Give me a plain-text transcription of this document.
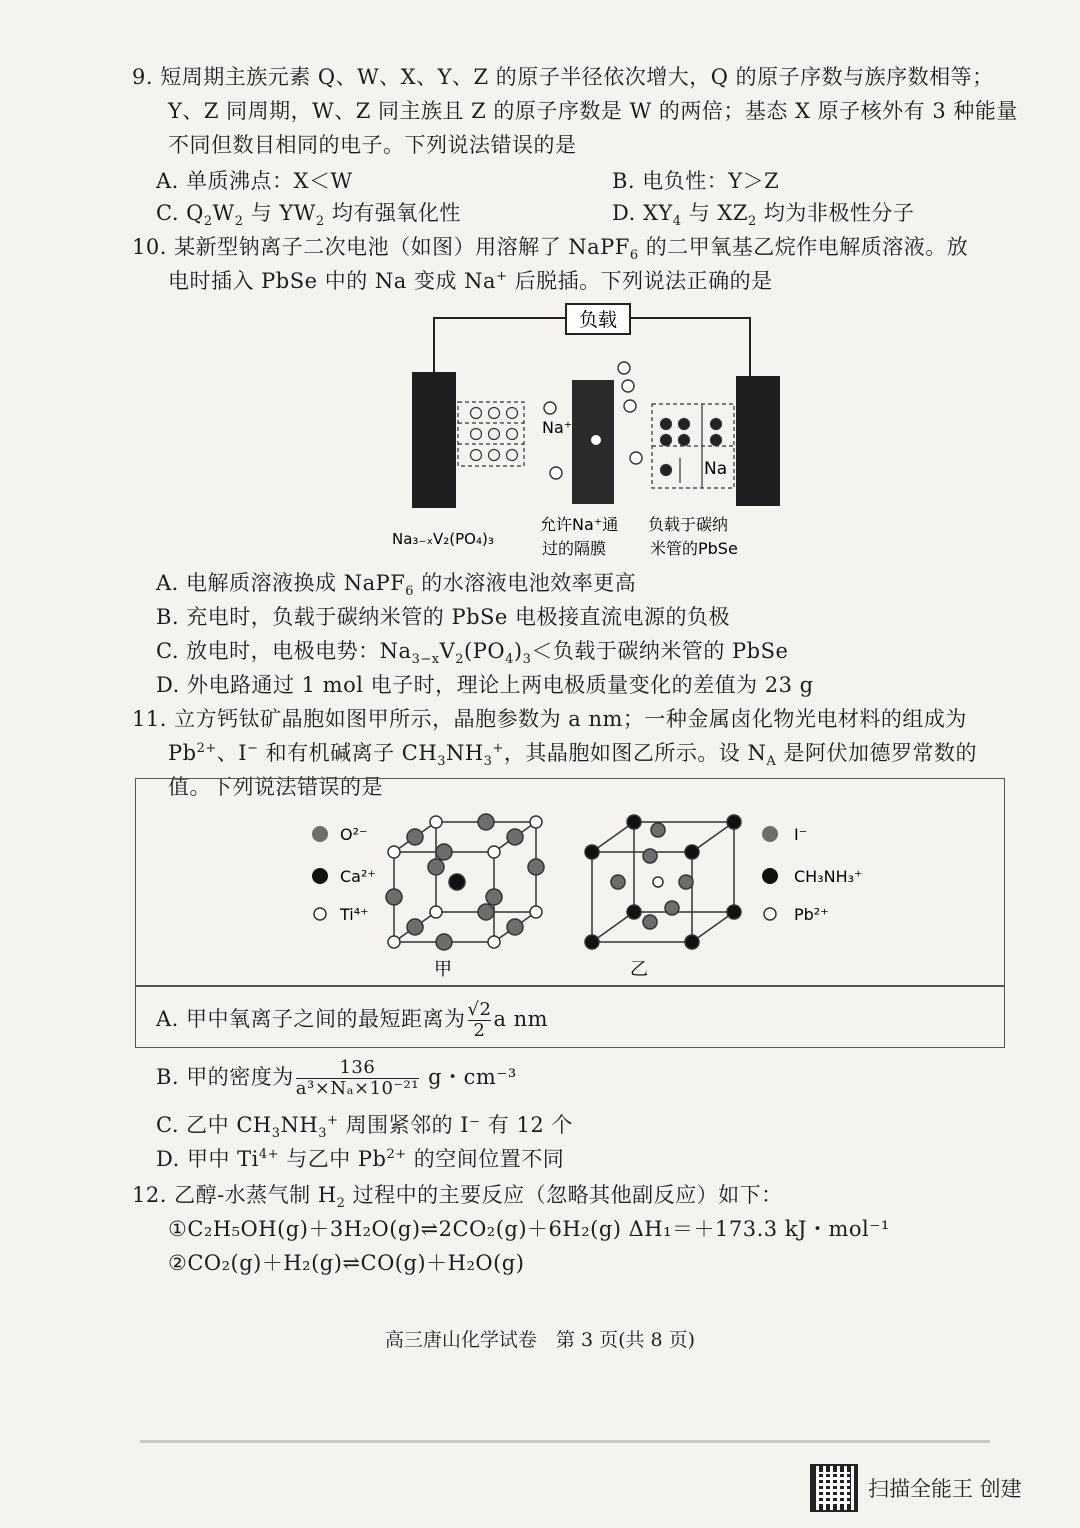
9. 短周期主族元素 Q、W、X、Y、Z 的原子半径依次增大，Q 的原子序数与族序数相等；
Y、Z 同周期，W、Z 同主族且 Z 的原子序数是 W 的两倍；基态 X 原子核外有 3 种能量
不同但数目相同的电子。下列说法错误的是
A. 单质沸点：X＜W	B. 电负性：Y＞Z
C. $Q_2W_2$ 与 $YW_2$ 均有强氧化性	D. $XY_4$ 与 $XZ_2$ 均为非极性分子
10. 某新型钠离子二次电池（如图）用溶解了 NaPF$_6$ 的二甲氧基乙烷作电解质溶液。放
电时插入 PbSe 中的 Na 变成 Na+ 后脱插。下列说法正确的是
负载
Na⁺
Na
Na₃₋ₓV₂(PO₄)₃
允许Na⁺通
过的隔膜
负载于碳纳
米管的PbSe
A. 电解质溶液换成 NaPF$_6$ 的水溶液电池效率更高
B. 充电时，负载于碳纳米管的 PbSe 电极接直流电源的负极
C. 放电时，电极电势：$Na_{3-x}V_2(PO_4)_3<$负载于碳纳米管的 PbSe
D. 外电路通过 1 mol 电子时，理论上两电极质量变化的差值为 23 g
11. 立方钙钛矿晶胞如图甲所示，晶胞参数为 a nm；一种金属卤化物光电材料的组成为
$Pb^{2+}$、I− 和有机碱离子 $CH_3NH_3^+$，其晶胞如图乙所示。设 $N_A$ 是阿伏加德罗常数的
值。下列说法错误的是
O²⁻
Ca²⁺
Ti⁴⁺
甲	乙
I⁻
CH₃NH₃⁺
Pb²⁺
A. 甲中氧离子之间的最短距离为 $\frac{√2}{2}$ a nm
B. 甲的密度为 $\frac{136}{\text{a³×Nₐ×10⁻²¹}}$ g・cm⁻³
C. 乙中 $CH_3NH_3^+$ 周围紧邻的 I⁻ 有 12 个
D. 甲中 $Ti^{4+}$ 与乙中 $Pb^{2+}$ 的空间位置不同
12. 乙醇-水蒸气制 $H_2$ 过程中的主要反应（忽略其他副反应）如下：
①C₂H₅OH(g)＋3H₂O(g)⇌2CO₂(g)＋6H₂(g) ΔH₁＝＋173.3 kJ・mol⁻¹
②CO₂(g)＋H₂(g)⇌CO(g)＋H₂O(g)
高三唐山化学试卷　第 3 页(共 8 页)
扫描全能王 创建
